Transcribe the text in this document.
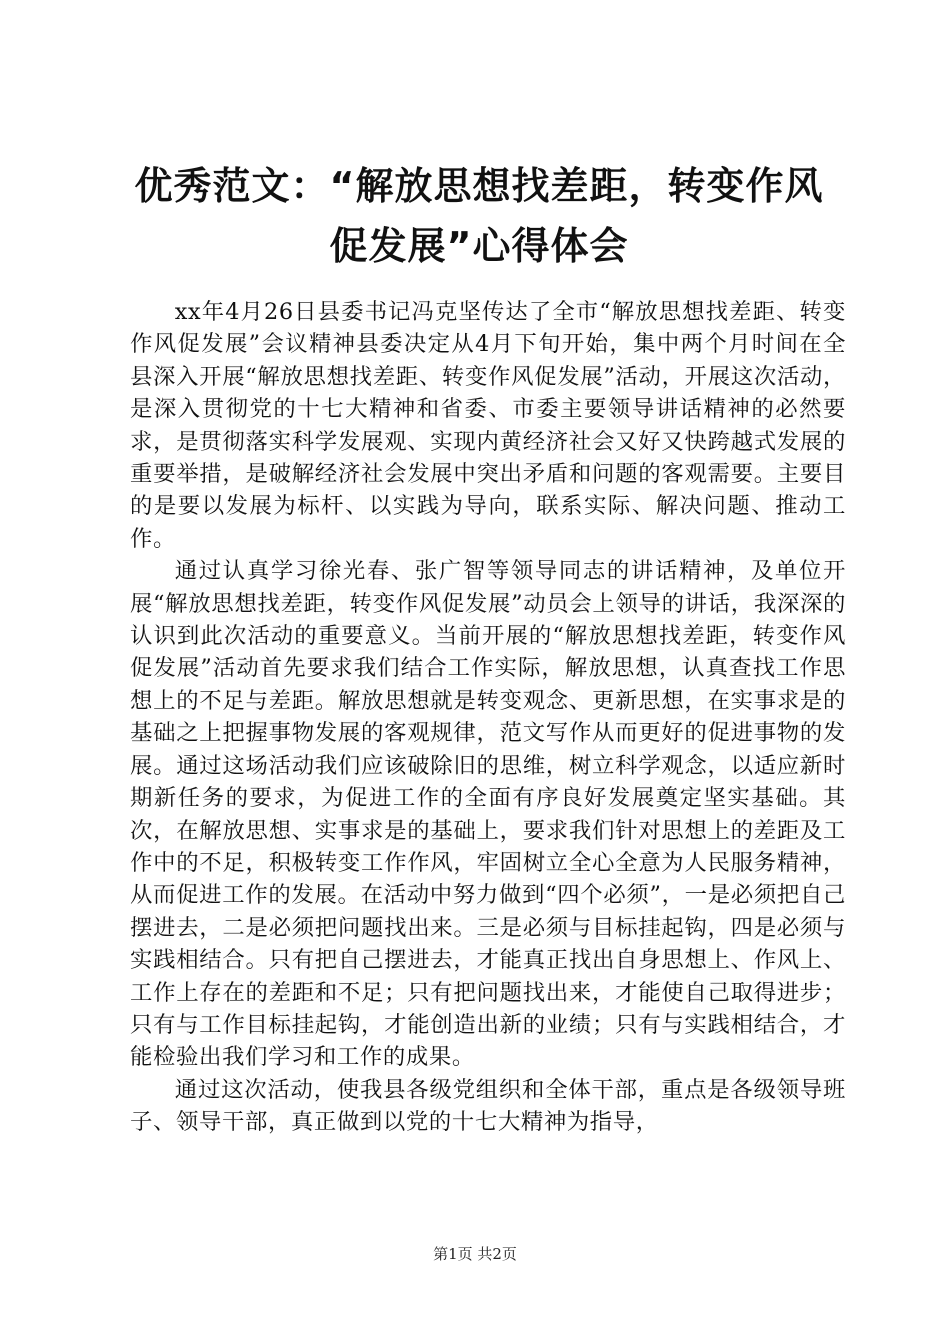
优秀范文：“解放思想找差距，转变作风促发展”心得体会

xx年4月26日县委书记冯克坚传达了全市“解放思想找差距、转变作风促发展”会议精神县委决定从4月下旬开始，集中两个月时间在全县深入开展“解放思想找差距、转变作风促发展”活动，开展这次活动，是深入贯彻党的十七大精神和省委、市委主要领导讲话精神的必然要求，是贯彻落实科学发展观、实现内黄经济社会又好又快跨越式发展的重要举措，是破解经济社会发展中突出矛盾和问题的客观需要。主要目的是要以发展为标杆、以实践为导向，联系实际、解决问题、推动工作。

通过认真学习徐光春、张广智等领导同志的讲话精神，及单位开展“解放思想找差距，转变作风促发展”动员会上领导的讲话，我深深的认识到此次活动的重要意义。当前开展的“解放思想找差距，转变作风促发展”活动首先要求我们结合工作实际，解放思想，认真查找工作思想上的不足与差距。解放思想就是转变观念、更新思想，在实事求是的基础之上把握事物发展的客观规律，范文写作从而更好的促进事物的发展。通过这场活动我们应该破除旧的思维，树立科学观念，以适应新时期新任务的要求，为促进工作的全面有序良好发展奠定坚实基础。其次，在解放思想、实事求是的基础上，要求我们针对思想上的差距及工作中的不足，积极转变工作作风，牢固树立全心全意为人民服务精神，从而促进工作的发展。在活动中努力做到“四个必须”，一是必须把自己摆进去，二是必须把问题找出来。三是必须与目标挂起钩，四是必须与实践相结合。只有把自己摆进去，才能真正找出自身思想上、作风上、工作上存在的差距和不足；只有把问题找出来，才能使自己取得进步；只有与工作目标挂起钩，才能创造出新的业绩；只有与实践相结合，才能检验出我们学习和工作的成果。

通过这次活动，使我县各级党组织和全体干部，重点是各级领导班子、领导干部，真正做到以党的十七大精神为指导，

第1页 共2页
